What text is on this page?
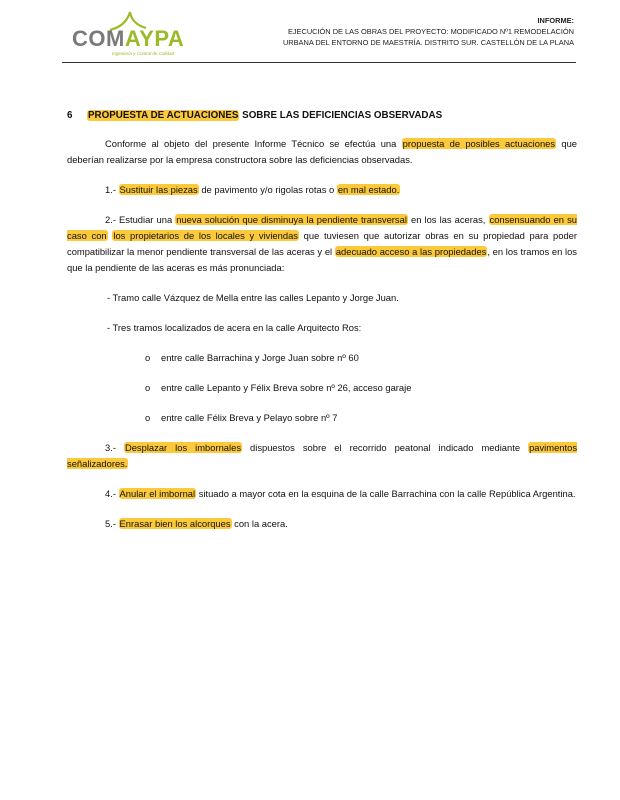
COMAYPA
Ingeniería y Control de Calidad
INFORME:
EJECUCIÓN DE LAS OBRAS DEL PROYECTO: MODIFICADO Nº1 REMODELACIÓN
URBANA DEL ENTORNO DE MAESTRÍA. DISTRITO SUR. CASTELLÓN DE LA PLANA
6 PROPUESTA DE ACTUACIONES SOBRE LAS DEFICIENCIAS OBSERVADAS

Conforme al objeto del presente Informe Técnico se efectúa una propuesta de posibles actuaciones que deberían realizarse por la empresa constructora sobre las deficiencias observadas.

1.- Sustituir las piezas de pavimento y/o rigolas rotas o en mal estado.

2.- Estudiar una nueva solución que disminuya la pendiente transversal en los las aceras, consensuando en su caso con los propietarios de los locales y viviendas que tuviesen que autorizar obras en su propiedad para poder compatibilizar la menor pendiente transversal de las aceras y el adecuado acceso a las propiedades, en los tramos en los que la pendiente de las aceras es más pronunciada:

- Tramo calle Vázquez de Mella entre las calles Lepanto y Jorge Juan.

- Tres tramos localizados de acera en la calle Arquitecto Ros:

o entre calle Barrachina y Jorge Juan sobre nº 60

o entre calle Lepanto y Félix Breva sobre nº 26, acceso garaje

o entre calle Félix Breva y Pelayo sobre nº 7

3.- Desplazar los imbornales dispuestos sobre el recorrido peatonal indicado mediante pavimentos señalizadores.

4.- Anular el imbornal situado a mayor cota en la esquina de la calle Barrachina con la calle República Argentina.

5.- Enrasar bien los alcorques con la acera.
